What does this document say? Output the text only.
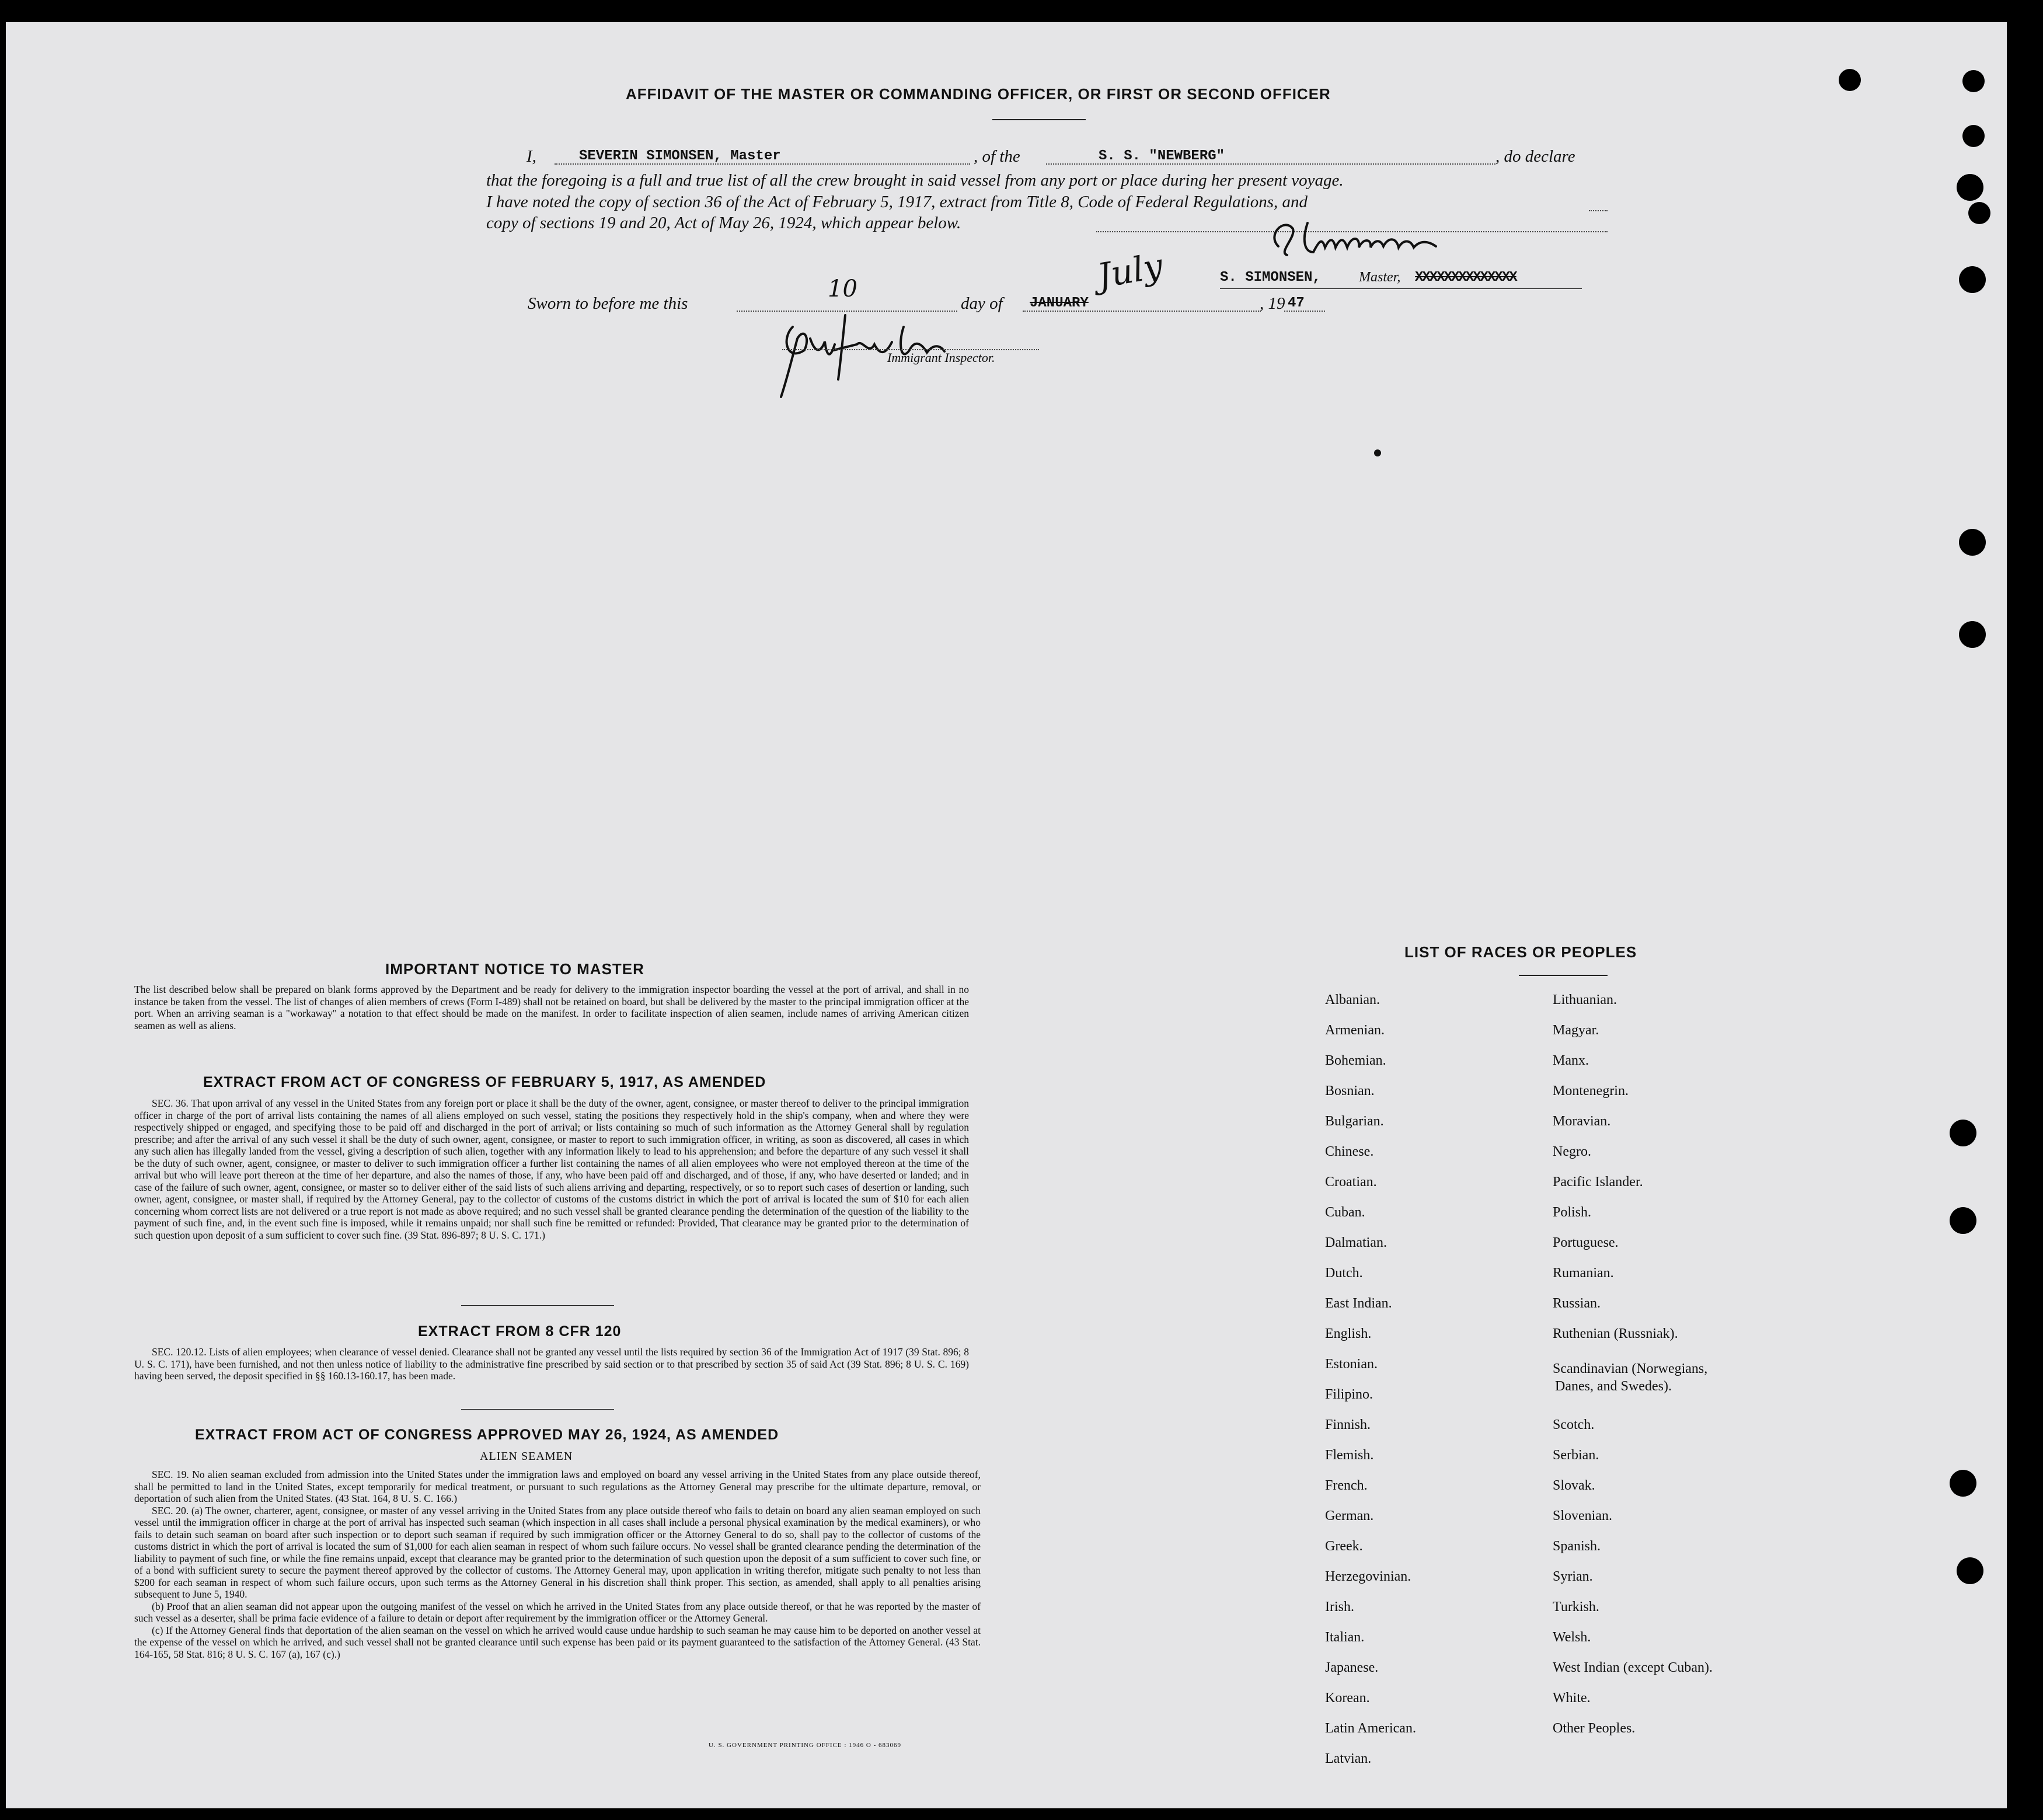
AFFIDAVIT OF THE MASTER OR COMMANDING OFFICER, OR FIRST OR SECOND OFFICER
I,	SEVERIN SIMONSEN, Master	, of the	S. S. "NEWBERG"	, do declare
that the foregoing is a full and true list of all the crew brought in said vessel from any port or place during her present voyage.
I have noted the copy of section 36 of the Act of February 5, 1917, extract from Title 8, Code of Federal Regulations, and
copy of sections 19 and 20, Act of May 26, 1924, which appear below.
S. SIMONSEN,	Master, XXXXXXXXXXXXXX
Sworn to before me this
10
day of JANUARY
July
, 19 47
Immigrant Inspector.
IMPORTANT NOTICE TO MASTER

The list described below shall be prepared on blank forms approved by the Department and be ready for delivery to the immigration inspector boarding the vessel at the port of arrival, and shall in no instance be taken from the vessel. The list of changes of alien members of crews (Form I-489) shall not be retained on board, but shall be delivered by the master to the principal immigration officer at the port. When an arriving seaman is a "workaway" a notation to that effect should be made on the manifest. In order to facilitate inspection of alien seamen, include names of arriving American citizen seamen as well as aliens.

EXTRACT FROM ACT OF CONGRESS OF FEBRUARY 5, 1917, AS AMENDED

SEC. 36. That upon arrival of any vessel in the United States from any foreign port or place it shall be the duty of the owner, agent, consignee, or master thereof to deliver to the principal immigration officer in charge of the port of arrival lists containing the names of all aliens employed on such vessel, stating the positions they respectively hold in the ship's company, when and where they were respectively shipped or engaged, and specifying those to be paid off and discharged in the port of arrival; or lists containing so much of such information as the Attorney General shall by regulation prescribe; and after the arrival of any such vessel it shall be the duty of such owner, agent, consignee, or master to report to such immigration officer, in writing, as soon as discovered, all cases in which any such alien has illegally landed from the vessel, giving a description of such alien, together with any information likely to lead to his apprehension; and before the departure of any such vessel it shall be the duty of such owner, agent, consignee, or master to deliver to such immigration officer a further list containing the names of all alien employees who were not employed thereon at the time of the arrival but who will leave port thereon at the time of her departure, and also the names of those, if any, who have been paid off and discharged, and of those, if any, who have deserted or landed; and in case of the failure of such owner, agent, consignee, or master so to deliver either of the said lists of such aliens arriving and departing, respectively, or so to report such cases of desertion or landing, such owner, agent, consignee, or master shall, if required by the Attorney General, pay to the collector of customs of the customs district in which the port of arrival is located the sum of $10 for each alien concerning whom correct lists are not delivered or a true report is not made as above required; and no such vessel shall be granted clearance pending the determination of the question of the liability to the payment of such fine, and, in the event such fine is imposed, while it remains unpaid; nor shall such fine be remitted or refunded: Provided, That clearance may be granted prior to the determination of such question upon deposit of a sum sufficient to cover such fine. (39 Stat. 896-897; 8 U. S. C. 171.)

EXTRACT FROM 8 CFR 120

SEC. 120.12. Lists of alien employees; when clearance of vessel denied. Clearance shall not be granted any vessel until the lists required by section 36 of the Immigration Act of 1917 (39 Stat. 896; 8 U. S. C. 171), have been furnished, and not then unless notice of liability to the administrative fine prescribed by said section or to that prescribed by section 35 of said Act (39 Stat. 896; 8 U. S. C. 169) having been served, the deposit specified in §§ 160.13-160.17, has been made.

EXTRACT FROM ACT OF CONGRESS APPROVED MAY 26, 1924, AS AMENDED
ALIEN SEAMEN

SEC. 19. No alien seaman excluded from admission into the United States under the immigration laws and employed on board any vessel arriving in the United States from any place outside thereof, shall be permitted to land in the United States, except temporarily for medical treatment, or pursuant to such regulations as the Attorney General may prescribe for the ultimate departure, removal, or deportation of such alien from the United States. (43 Stat. 164, 8 U. S. C. 166.)

SEC. 20. (a) The owner, charterer, agent, consignee, or master of any vessel arriving in the United States from any place outside thereof who fails to detain on board any alien seaman employed on such vessel until the immigration officer in charge at the port of arrival has inspected such seaman (which inspection in all cases shall include a personal physical examination by the medical examiners), or who fails to detain such seaman on board after such inspection or to deport such seaman if required by such immigration officer or the Attorney General to do so, shall pay to the collector of customs of the customs district in which the port of arrival is located the sum of $1,000 for each alien seaman in respect of whom such failure occurs. No vessel shall be granted clearance pending the determination of the liability to payment of such fine, or while the fine remains unpaid, except that clearance may be granted prior to the determination of such question upon the deposit of a sum sufficient to cover such fine, or of a bond with sufficient surety to secure the payment thereof approved by the collector of customs. The Attorney General may, upon application in writing therefor, mitigate such penalty to not less than $200 for each seaman in respect of whom such failure occurs, upon such terms as the Attorney General in his discretion shall think proper. This section, as amended, shall apply to all penalties arising subsequent to June 5, 1940.

(b) Proof that an alien seaman did not appear upon the outgoing manifest of the vessel on which he arrived in the United States from any place outside thereof, or that he was reported by the master of such vessel as a deserter, shall be prima facie evidence of a failure to detain or deport after requirement by the immigration officer or the Attorney General.

(c) If the Attorney General finds that deportation of the alien seaman on the vessel on which he arrived would cause undue hardship to such seaman he may cause him to be deported on another vessel at the expense of the vessel on which he arrived, and such vessel shall not be granted clearance until such expense has been paid or its payment guaranteed to the satisfaction of the Attorney General. (43 Stat. 164-165, 58 Stat. 816; 8 U. S. C. 167 (a), 167 (c).)

U. S. GOVERNMENT PRINTING OFFICE : 1946 O - 683069
LIST OF RACES OR PEOPLES
Albanian.
Armenian.
Bohemian.
Bosnian.
Bulgarian.
Chinese.
Croatian.
Cuban.
Dalmatian.
Dutch.
East Indian.
English.
Estonian.
Filipino.
Finnish.
Flemish.
French.
German.
Greek.
Herzegovinian.
Irish.
Italian.
Japanese.
Korean.
Latin American.
Latvian.
Lithuanian.
Magyar.
Manx.
Montenegrin.
Moravian.
Negro.
Pacific Islander.
Polish.
Portuguese.
Rumanian.
Russian.
Ruthenian (Russniak).
Scandinavian (Norwegians,
Danes, and Swedes).
Scotch.
Serbian.
Slovak.
Slovenian.
Spanish.
Syrian.
Turkish.
Welsh.
West Indian (except Cuban).
White.
Other Peoples.
